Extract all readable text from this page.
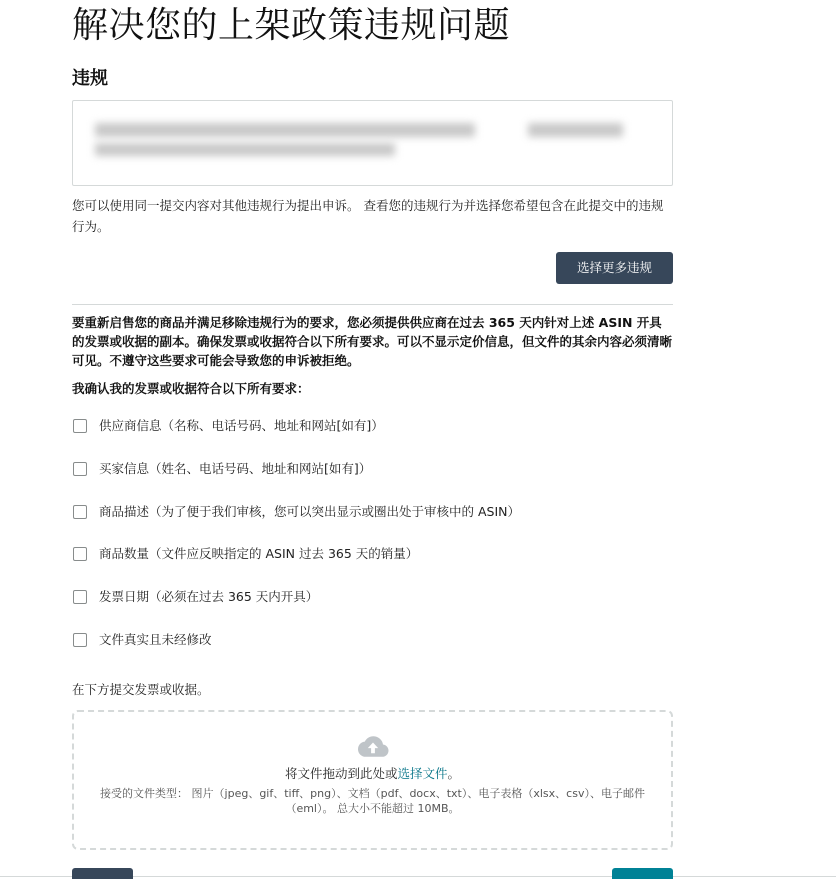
解决您的上架政策违规问题
违规

您可以使用同一提交内容对其他违规行为提出申诉。 查看您的违规行为并选择您希望包含在此提交中的违规行为。

选择更多违规

要重新启售您的商品并满足移除违规行为的要求，您必须提供供应商在过去 365 天内针对上述 ASIN 开具的发票或收据的副本。确保发票或收据符合以下所有要求。可以不显示定价信息，但文件的其余内容必须清晰可见。不遵守这些要求可能会导致您的申诉被拒绝。

我确认我的发票或收据符合以下所有要求：

供应商信息（名称、电话号码、地址和网站[如有]）
买家信息（姓名、电话号码、地址和网站[如有]）
商品描述（为了便于我们审核，您可以突出显示或圈出处于审核中的 ASIN）
商品数量（文件应反映指定的 ASIN 过去 365 天的销量）
发票日期（必须在过去 365 天内开具）
文件真实且未经修改

在下方提交发票或收据。

将文件拖动到此处或选择文件。
接受的文件类型： 图片（jpeg、gif、tiff、png）、文档（pdf、docx、txt）、电子表格（xlsx、csv）、电子邮件（eml）。 总大小不能超过 10MB。
